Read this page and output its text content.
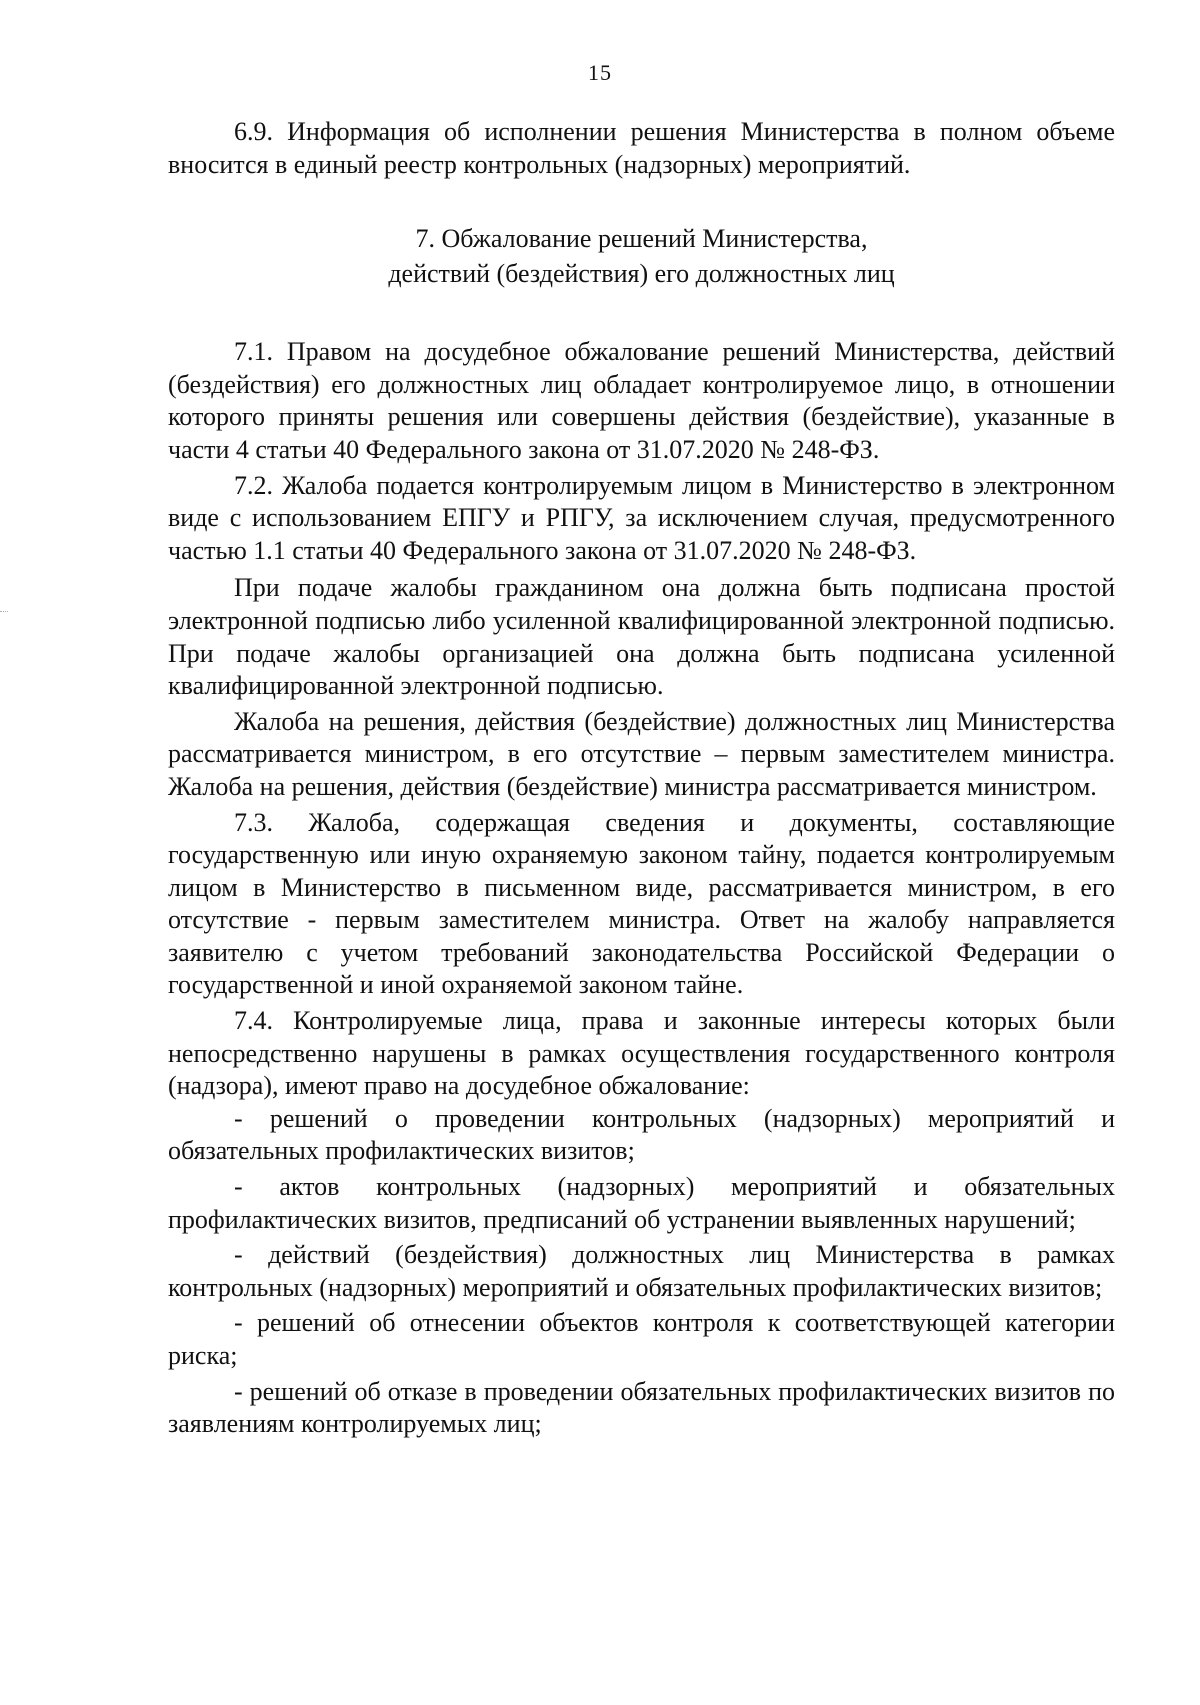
15

6.9. Информация об исполнении решения Министерства в полном объеме вносится в единый реестр контрольных (надзорных) мероприятий.

7. Обжалование решений Министерства,
действий (бездействия) его должностных лиц

7.1. Правом на досудебное обжалование решений Министерства, действий (бездействия) его должностных лиц обладает контролируемое лицо, в отношении которого приняты решения или совершены действия (бездействие), указанные в части 4 статьи 40 Федерального закона от 31.07.2020 № 248-ФЗ.

7.2. Жалоба подается контролируемым лицом в Министерство в электронном виде с использованием ЕПГУ и РПГУ, за исключением случая, предусмотренного частью 1.1 статьи 40 Федерального закона от 31.07.2020 № 248-ФЗ.

При подаче жалобы гражданином она должна быть подписана простой электронной подписью либо усиленной квалифицированной электронной подписью. При подаче жалобы организацией она должна быть подписана усиленной квалифицированной электронной подписью.

Жалоба на решения, действия (бездействие) должностных лиц Министерства рассматривается министром, в его отсутствие – первым заместителем министра. Жалоба на решения, действия (бездействие) министра рассматривается министром.

7.3. Жалоба, содержащая сведения и документы, составляющие государственную или иную охраняемую законом тайну, подается контролируемым лицом в Министерство в письменном виде, рассматривается министром, в его отсутствие - первым заместителем министра. Ответ на жалобу направляется заявителю с учетом требований законодательства Российской Федерации о государственной и иной охраняемой законом тайне.

7.4. Контролируемые лица, права и законные интересы которых были непосредственно нарушены в рамках осуществления государственного контроля (надзора), имеют право на досудебное обжалование:

- решений о проведении контрольных (надзорных) мероприятий и обязательных профилактических визитов;

- актов контрольных (надзорных) мероприятий и обязательных профилактических визитов, предписаний об устранении выявленных нарушений;

- действий (бездействия) должностных лиц Министерства в рамках контрольных (надзорных) мероприятий и обязательных профилактических визитов;

- решений об отнесении объектов контроля к соответствующей категории риска;

- решений об отказе в проведении обязательных профилактических визитов по заявлениям контролируемых лиц;
